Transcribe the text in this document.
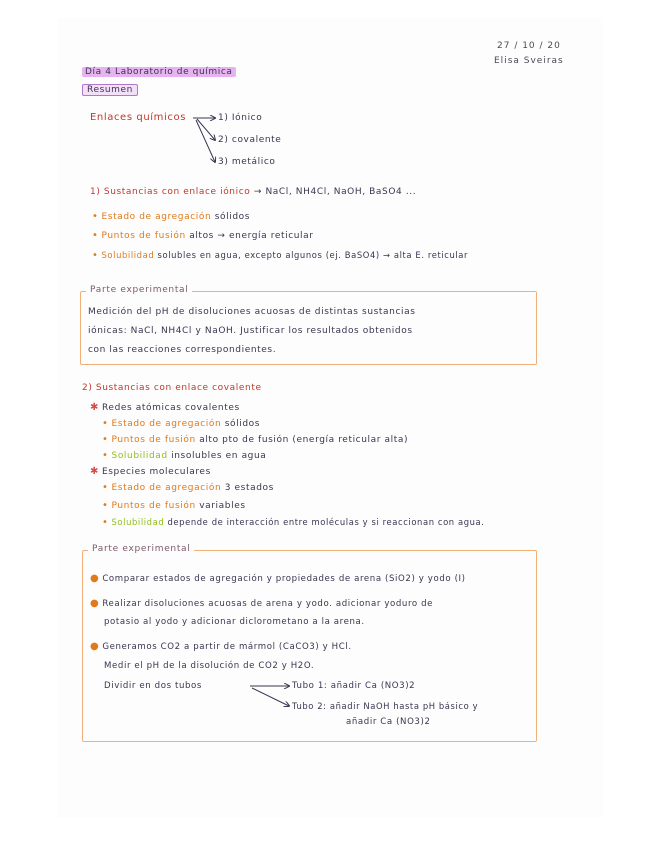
27 / 10 / 20
Elisa Sveiras
Día 4 Laboratorio de química
Resumen
Enlaces químicos	1) Iónico
2) covalente
3) metálico
1) Sustancias con enlace iónico → NaCl, NH4Cl, NaOH, BaSO4 ...
• Estado de agregación sólidos
• Puntos de fusión altos → energía reticular
• Solubilidad solubles en agua, excepto algunos (ej. BaSO4) → alta E. reticular
Parte experimental
Medición del pH de disoluciones acuosas de distintas sustancias
iónicas: NaCl, NH4Cl y NaOH. Justificar los resultados obtenidos
con las reacciones correspondientes.
2) Sustancias con enlace covalente
✱ Redes atómicas covalentes
• Estado de agregación sólidos
• Puntos de fusión alto pto de fusión (energía reticular alta)
• Solubilidad insolubles en agua
✱ Especies moleculares
• Estado de agregación 3 estados
• Puntos de fusión variables
• Solubilidad depende de interacción entre moléculas y si reaccionan con agua.
Parte experimental
● Comparar estados de agregación y propiedades de arena (SiO2) y yodo (I)
● Realizar disoluciones acuosas de arena y yodo. adicionar yoduro de
potasio al yodo y adicionar diclorometano a la arena.
● Generamos CO2 a partir de mármol (CaCO3) y HCl.
Medir el pH de la disolución de CO2 y H2O.
Dividir en dos tubos	Tubo 1: añadir Ca (NO3)2
Tubo 2: añadir NaOH hasta pH básico y
añadir Ca (NO3)2
